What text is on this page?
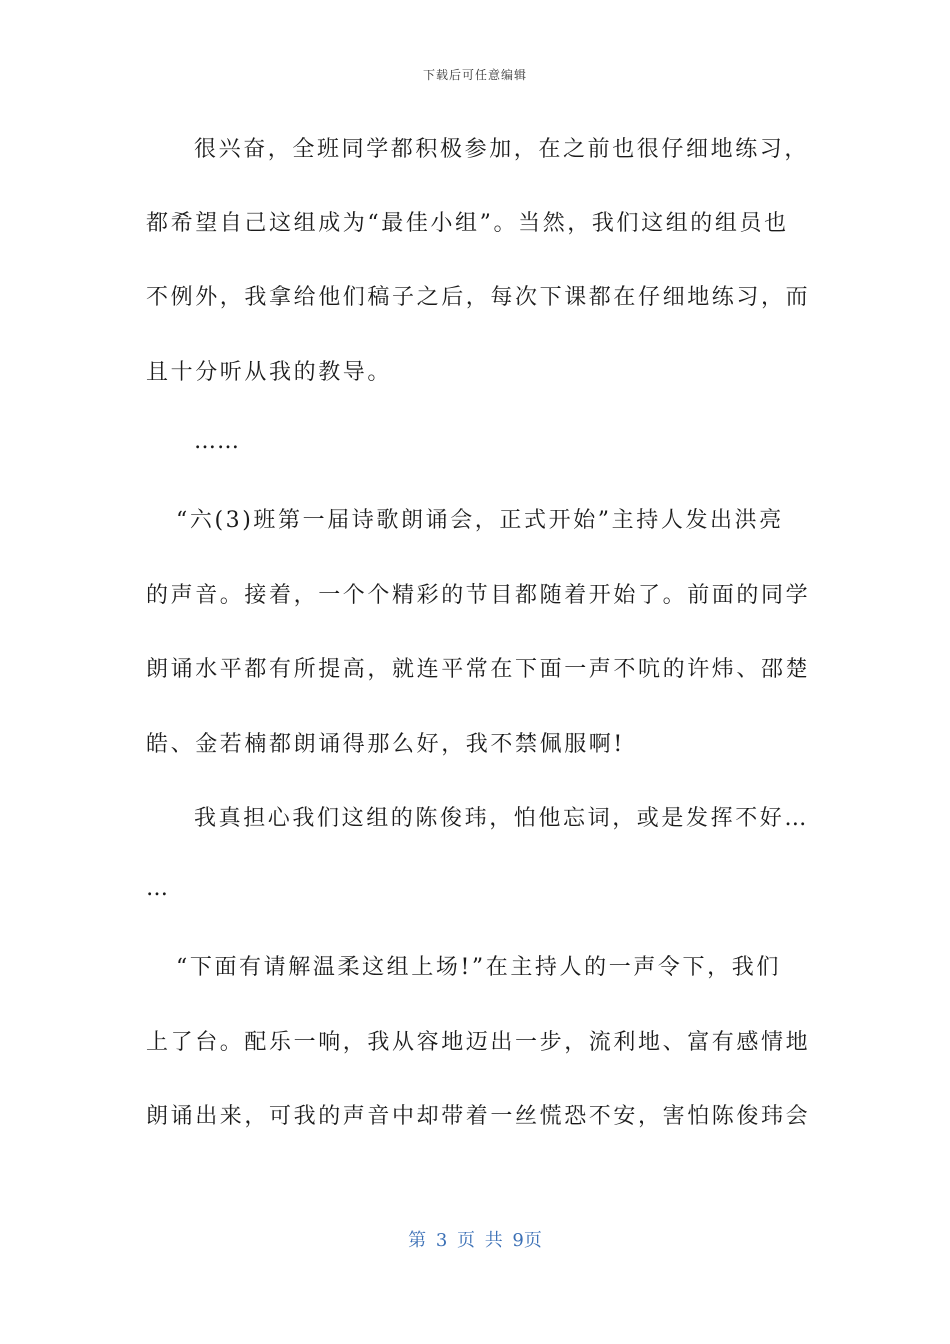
下载后可任意编辑
很兴奋，全班同学都积极参加，在之前也很仔细地练习，
都希望自己这组成为“最佳小组”。当然，我们这组的组员也
不例外，我拿给他们稿子之后，每次下课都在仔细地练习，而
且十分听从我的教导。
……
“六(3)班第一届诗歌朗诵会，正式开始”主持人发出洪亮
的声音。接着，一个个精彩的节目都随着开始了。前面的同学
朗诵水平都有所提高，就连平常在下面一声不吭的许炜、邵楚
皓、金若楠都朗诵得那么好，我不禁佩服啊!
我真担心我们这组的陈俊玮，怕他忘词，或是发挥不好…
…
“下面有请解温柔这组上场!”在主持人的一声令下，我们
上了台。配乐一响，我从容地迈出一步，流利地、富有感情地
朗诵出来，可我的声音中却带着一丝慌恐不安，害怕陈俊玮会
第 3 页 共 9页
